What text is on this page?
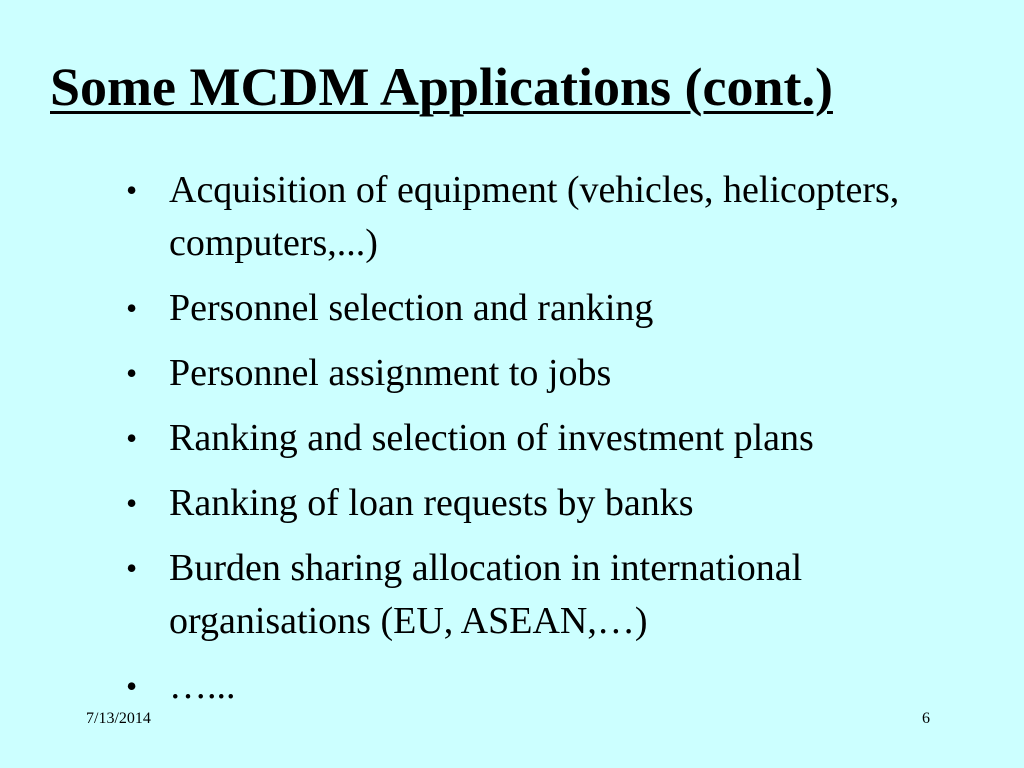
Some MCDM Applications (cont.)
• Acquisition of equipment (vehicles, helicopters, computers,...)
• Personnel selection and ranking
• Personnel assignment to jobs
• Ranking and selection of investment plans
• Ranking of loan requests by banks
• Burden sharing allocation in international organisations (EU, ASEAN,…)
• …...
7/13/2014	6
